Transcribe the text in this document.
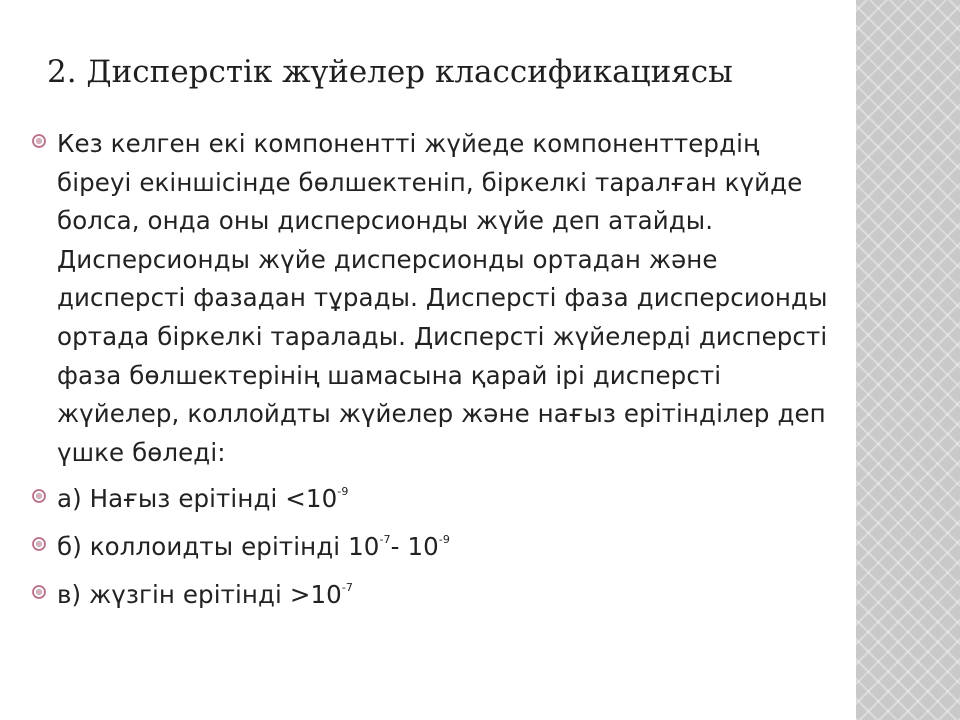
2. Дисперстік жүйелер классификациясы
Кез келген екі компонентті жүйеде компоненттердің біреуі екіншісінде бөлшектеніп, біркелкі таралған күйде болса, онда оны дисперсионды жүйе деп атайды. Дисперсионды жүйе дисперсионды ортадан және дисперсті фазадан тұрады. Дисперсті фаза дисперсионды ортада біркелкі таралады. Дисперсті жүйелерді дисперсті фаза бөлшектерінің шамасына қарай ірі дисперсті жүйелер, коллойдты жүйелер және нағыз ерітінділер деп үшке бөледі:
а) Нағыз ерітінді $<10^{-9}$
б) коллоидты ерітінді $10^{-7}-$ $10^{-9}$
в) жүзгін ерітінді $>10^{-7}$
